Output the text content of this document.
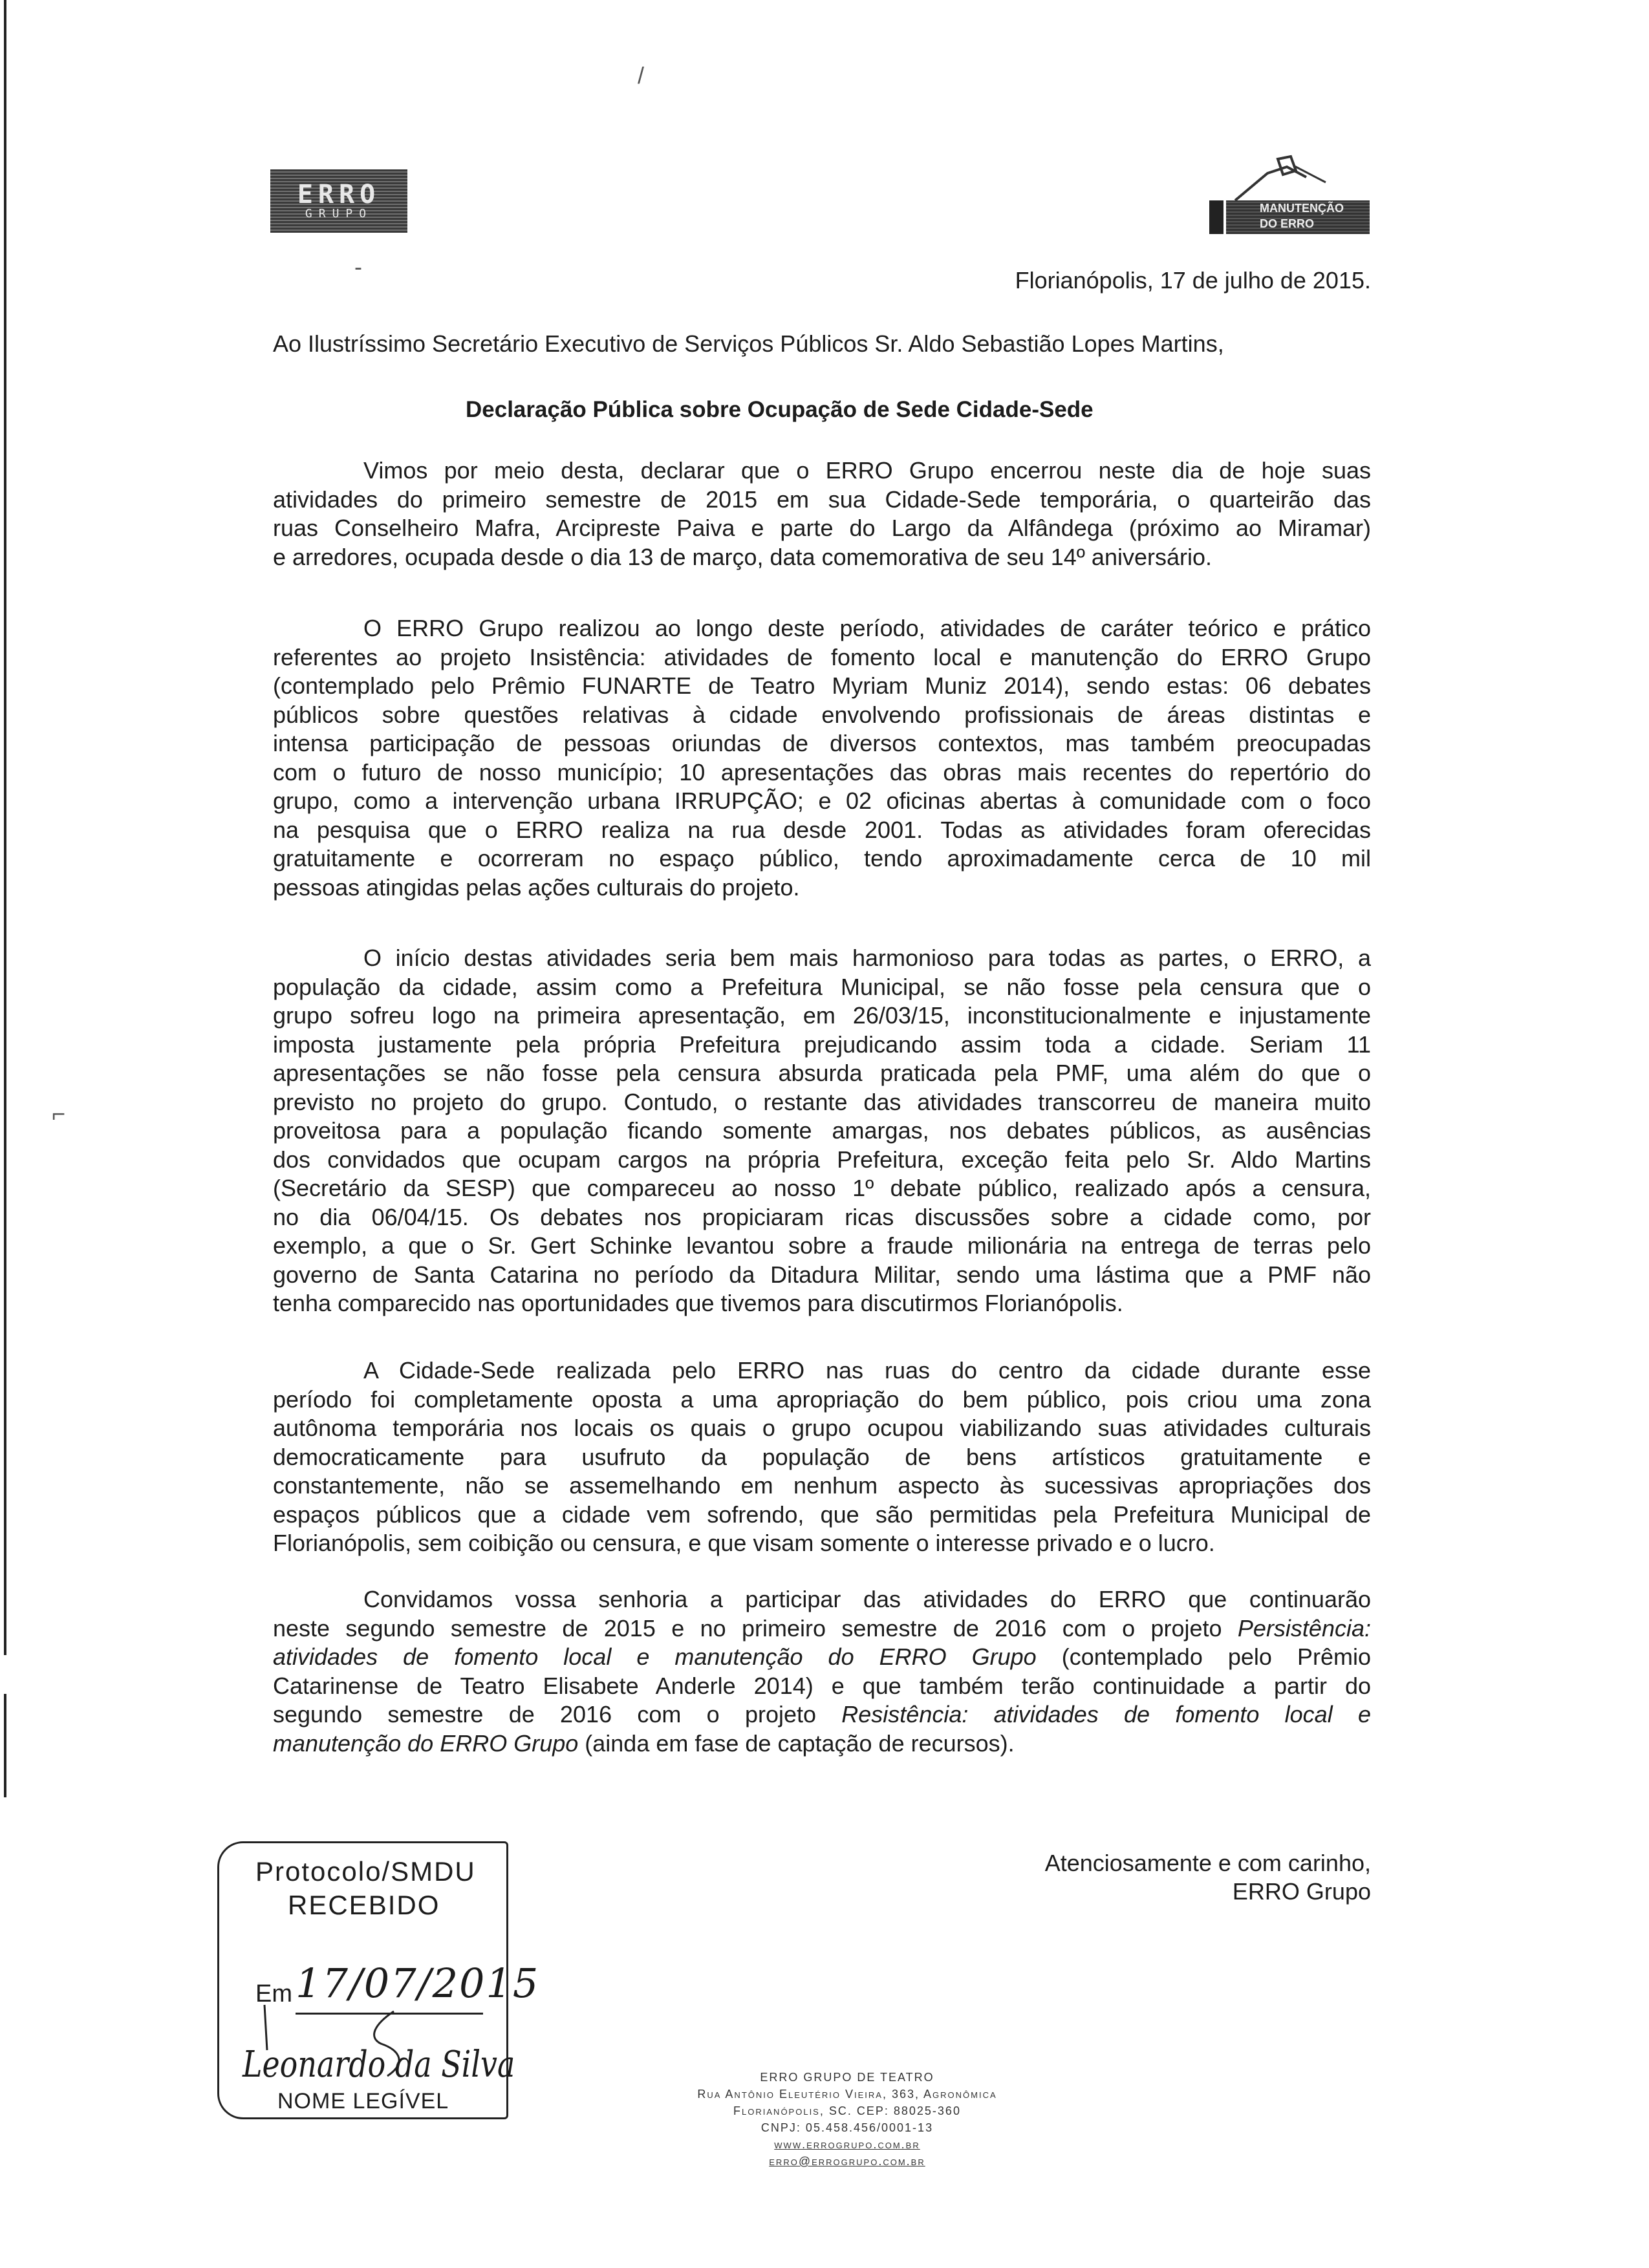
ERRO
GRUPO	MANUTENÇÃO
DO ERRO
Florianópolis, 17 de julho de 2015.
Ao Ilustríssimo Secretário Executivo de Serviços Públicos Sr. Aldo Sebastião Lopes Martins,
Declaração Pública sobre Ocupação de Sede Cidade-Sede
Vimos por meio desta, declarar que o ERRO Grupo encerrou neste dia de hoje suas
atividades do primeiro semestre de 2015 em sua Cidade-Sede temporária, o quarteirão das
ruas Conselheiro Mafra, Arcipreste Paiva e parte do Largo da Alfândega (próximo ao Miramar)
e arredores, ocupada desde o dia 13 de março, data comemorativa de seu 14º aniversário.
O ERRO Grupo realizou ao longo deste período, atividades de caráter teórico e prático
referentes ao projeto Insistência: atividades de fomento local e manutenção do ERRO Grupo
(contemplado pelo Prêmio FUNARTE de Teatro Myriam Muniz 2014), sendo estas: 06 debates
públicos sobre questões relativas à cidade envolvendo profissionais de áreas distintas e
intensa participação de pessoas oriundas de diversos contextos, mas também preocupadas
com o futuro de nosso município; 10 apresentações das obras mais recentes do repertório do
grupo, como a intervenção urbana IRRUPÇÃO; e 02 oficinas abertas à comunidade com o foco
na pesquisa que o ERRO realiza na rua desde 2001. Todas as atividades foram oferecidas
gratuitamente e ocorreram no espaço público, tendo aproximadamente cerca de 10 mil
pessoas atingidas pelas ações culturais do projeto.
O início destas atividades seria bem mais harmonioso para todas as partes, o ERRO, a
população da cidade, assim como a Prefeitura Municipal, se não fosse pela censura que o
grupo sofreu logo na primeira apresentação, em 26/03/15, inconstitucionalmente e injustamente
imposta justamente pela própria Prefeitura prejudicando assim toda a cidade. Seriam 11
apresentações se não fosse pela censura absurda praticada pela PMF, uma além do que o
previsto no projeto do grupo. Contudo, o restante das atividades transcorreu de maneira muito
proveitosa para a população ficando somente amargas, nos debates públicos, as ausências
dos convidados que ocupam cargos na própria Prefeitura, exceção feita pelo Sr. Aldo Martins
(Secretário da SESP) que compareceu ao nosso 1º debate público, realizado após a censura,
no dia 06/04/15. Os debates nos propiciaram ricas discussões sobre a cidade como, por
exemplo, a que o Sr. Gert Schinke levantou sobre a fraude milionária na entrega de terras pelo
governo de Santa Catarina no período da Ditadura Militar, sendo uma lástima que a PMF não
tenha comparecido nas oportunidades que tivemos para discutirmos Florianópolis.
A Cidade-Sede realizada pelo ERRO nas ruas do centro da cidade durante esse
período foi completamente oposta a uma apropriação do bem público, pois criou uma zona
autônoma temporária nos locais os quais o grupo ocupou viabilizando suas atividades culturais
democraticamente para usufruto da população de bens artísticos gratuitamente e
constantemente, não se assemelhando em nenhum aspecto às sucessivas apropriações dos
espaços públicos que a cidade vem sofrendo, que são permitidas pela Prefeitura Municipal de
Florianópolis, sem coibição ou censura, e que visam somente o interesse privado e o lucro.
Convidamos vossa senhoria a participar das atividades do ERRO que continuarão
neste segundo semestre de 2015 e no primeiro semestre de 2016 com o projeto Persistência:
atividades de fomento local e manutenção do ERRO Grupo (contemplado pelo Prêmio
Catarinense de Teatro Elisabete Anderle 2014) e que também terão continuidade a partir do
segundo semestre de 2016 com o projeto Resistência: atividades de fomento local e
manutenção do ERRO Grupo (ainda em fase de captação de recursos).
Atenciosamente e com carinho,
ERRO Grupo
Protocolo/SMDU
RECEBIDO
Em 17/07/2015
Leonardo da Silva
NOME LEGÍVEL
ERRO GRUPO DE TEATRO
Rua Antônio Eleutério Vieira, 363, Agronômica
Florianópolis, SC. CEP: 88025-360
CNPJ: 05.458.456/0001-13
www.errogrupo.com.br
erro@errogrupo.com.br
/
-
⌐
